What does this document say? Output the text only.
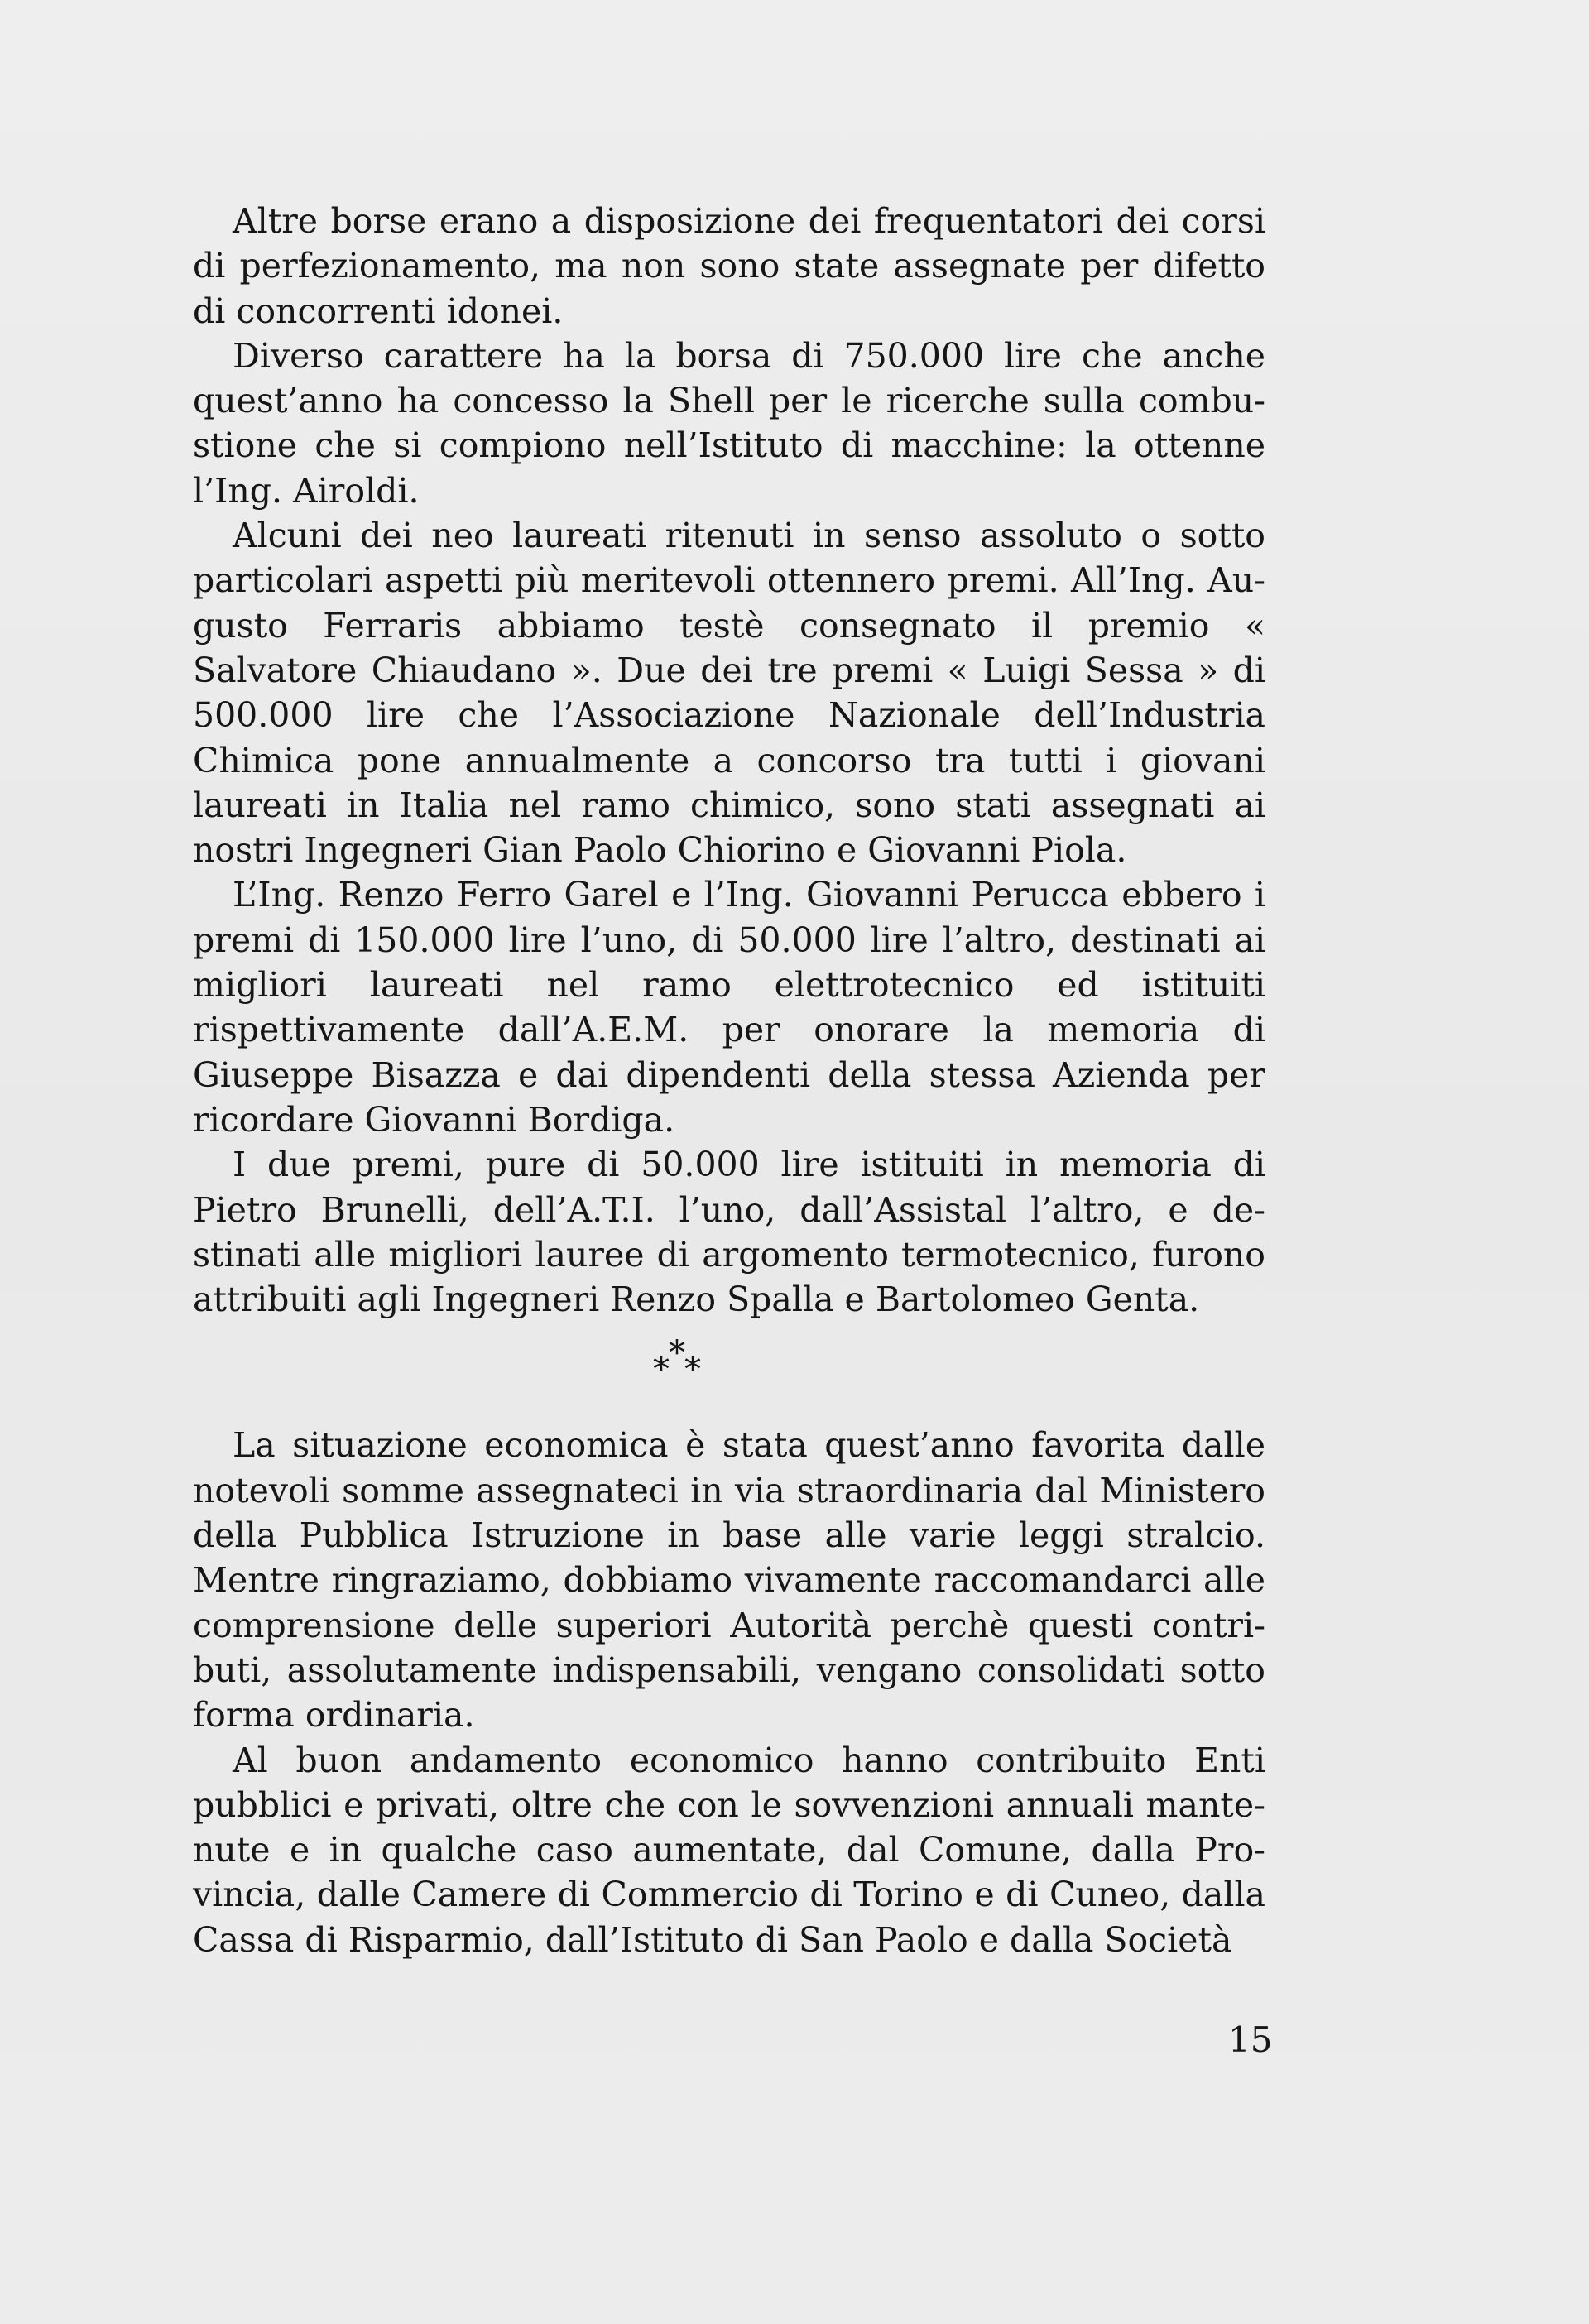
Altre borse erano a disposizione dei frequentatori dei corsi di perfezionamento, ma non sono state assegnate per difetto di concorrenti idonei.

Diverso carattere ha la borsa di 750.000 lire che anche quest’anno ha concesso la Shell per le ricerche sulla combustione che si compiono nell’Istituto di macchine: la ottenne l’Ing. Airoldi.

Alcuni dei neo laureati ritenuti in senso assoluto o sotto particolari aspetti più meritevoli ottennero premi. All’Ing. Augusto Ferraris abbiamo testè consegnato il premio « Salvatore Chiaudano ». Due dei tre premi « Luigi Sessa » di 500.000 lire che l’Associazione Nazionale dell’Industria Chimica pone annualmente a concorso tra tutti i giovani laureati in Italia nel ramo chimico, sono stati assegnati ai nostri Ingegneri Gian Paolo Chiorino e Giovanni Piola.

L’Ing. Renzo Ferro Garel e l’Ing. Giovanni Perucca ebbero i premi di 150.000 lire l’uno, di 50.000 lire l’altro, destinati ai migliori laureati nel ramo elettrotecnico ed istituiti rispettivamente dall’A.E.M. per onorare la memoria di Giuseppe Bisazza e dai dipendenti della stessa Azienda per ricordare Giovanni Bordiga.

I due premi, pure di 50.000 lire istituiti in memoria di Pietro Brunelli, dell’A.T.I. l’uno, dall’Assistal l’altro, e destinati alle migliori lauree di argomento termotecnico, furono attribuiti agli Ingegneri Renzo Spalla e Bartolomeo Genta.

*
* *

La situazione economica è stata quest’anno favorita dalle notevoli somme assegnateci in via straordinaria dal Ministero della Pubblica Istruzione in base alle varie leggi stralcio. Mentre ringraziamo, dobbiamo vivamente raccomandarci alle comprensione delle superiori Autorità perchè questi contributi, assolutamente indispensabili, vengano consolidati sotto forma ordinaria.

Al buon andamento economico hanno contribuito Enti pubblici e privati, oltre che con le sovvenzioni annuali mantenute e in qualche caso aumentate, dal Comune, dalla Provincia, dalle Camere di Commercio di Torino e di Cuneo, dalla Cassa di Risparmio, dall’Istituto di San Paolo e dalla Società

15
